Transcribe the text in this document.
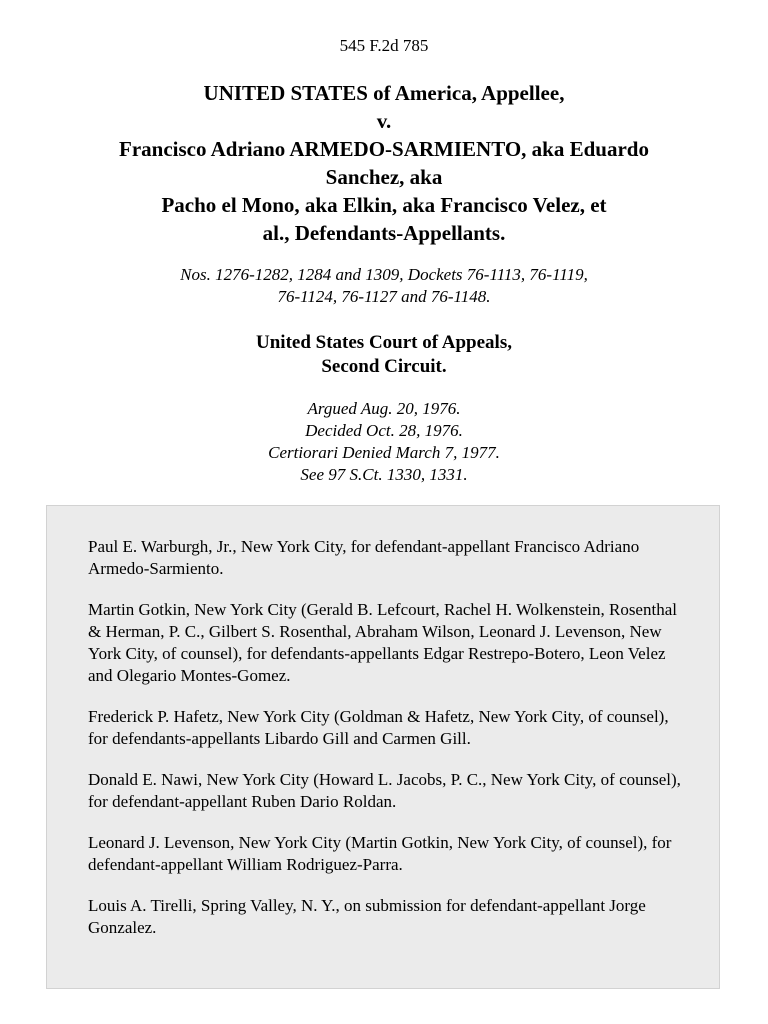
545 F.2d 785
UNITED STATES of America, Appellee,
v.
Francisco Adriano ARMEDO-SARMIENTO, aka Eduardo
Sanchez, aka
Pacho el Mono, aka Elkin, aka Francisco Velez, et
al., Defendants-Appellants.
Nos. 1276-1282, 1284 and 1309, Dockets 76-1113, 76-1119,
76-1124, 76-1127 and 76-1148.
United States Court of Appeals,
Second Circuit.
Argued Aug. 20, 1976.
Decided Oct. 28, 1976.
Certiorari Denied March 7, 1977.
See 97 S.Ct. 1330, 1331.

Paul E. Warburgh, Jr., New York City, for defendant-appellant Francisco Adriano Armedo-Sarmiento.

Martin Gotkin, New York City (Gerald B. Lefcourt, Rachel H. Wolkenstein, Rosenthal & Herman, P. C., Gilbert S. Rosenthal, Abraham Wilson, Leonard J. Levenson, New York City, of counsel), for defendants-appellants Edgar Restrepo-Botero, Leon Velez and Olegario Montes-Gomez.

Frederick P. Hafetz, New York City (Goldman & Hafetz, New York City, of counsel), for defendants-appellants Libardo Gill and Carmen Gill.

Donald E. Nawi, New York City (Howard L. Jacobs, P. C., New York City, of counsel), for defendant-appellant Ruben Dario Roldan.

Leonard J. Levenson, New York City (Martin Gotkin, New York City, of counsel), for defendant-appellant William Rodriguez-Parra.

Louis A. Tirelli, Spring Valley, N. Y., on submission for defendant-appellant Jorge Gonzalez.
